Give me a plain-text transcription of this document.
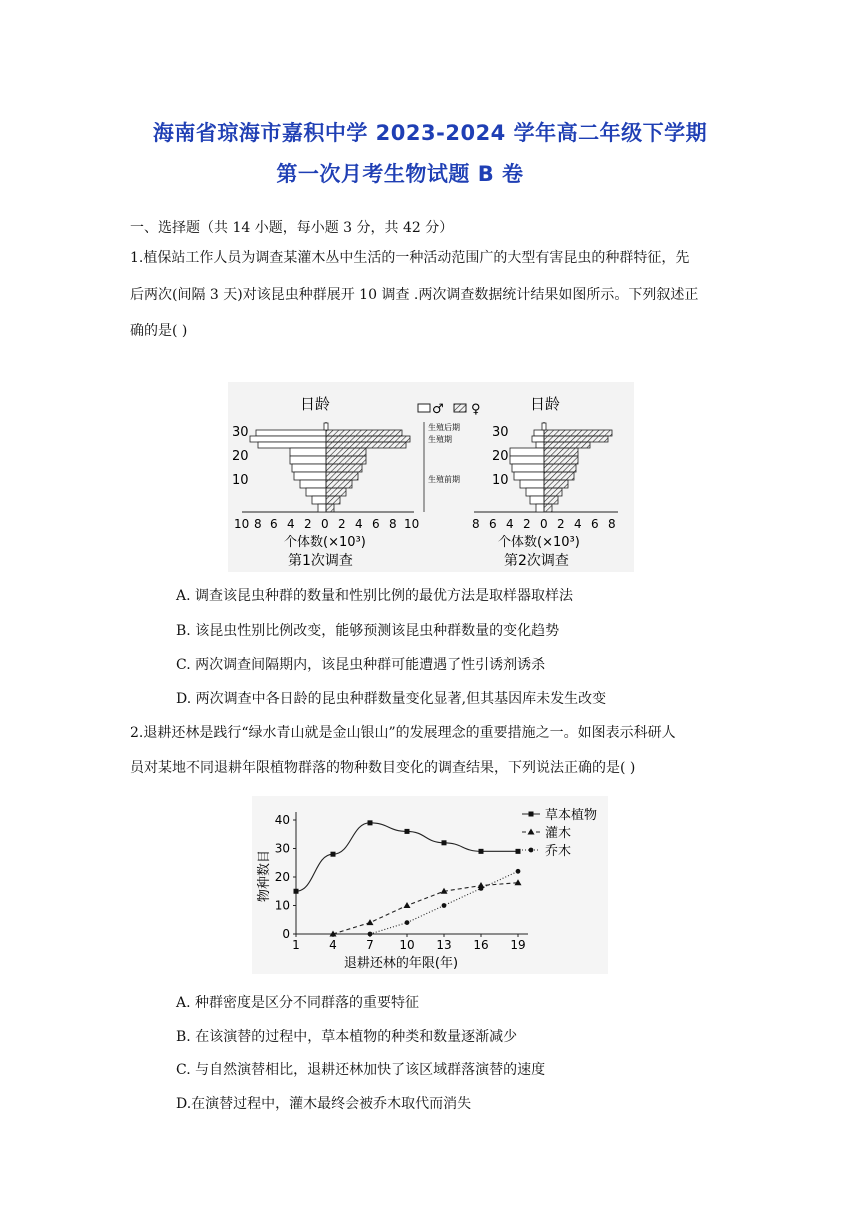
海南省琼海市嘉积中学 2023-2024 学年高二年级下学期
第一次月考生物试题 B 卷
一、选择题（共 14 小题，每小题 3 分，共 42 分）
1.植保站工作人员为调查某灌木丛中生活的一种活动范围广的大型有害昆虫的种群特征，先
后两次(间隔 3 天)对该昆虫种群展开 10 调查 .两次调查数据统计结果如图所示。下列叙述正
确的是( )
日龄	日龄
♂ ♀
30
20
10
10 8 6 4 2 0 2 4 6 8 10
个体数(×10³)
第1次调查
生殖后期
生殖期
生殖前期
30
20
10
8 6 4 2 0 2 4 6 8
个体数(×10³)
第2次调查
A. 调查该昆虫种群的数量和性别比例的最优方法是取样器取样法
B. 该昆虫性别比例改变，能够预测该昆虫种群数量的变化趋势
C. 两次调查间隔期内，该昆虫种群可能遭遇了性引诱剂诱杀
D. 两次调查中各日龄的昆虫种群数量变化显著,但其基因库未发生改变
2.退耕还林是践行“绿水青山就是金山银山”的发展理念的重要措施之一。如图表示科研人
员对某地不同退耕年限植物群落的物种数目变化的调查结果，下列说法正确的是( )
0
10
20
30
40
1 4 7 10 13 16 19
退耕还林的年限(年)
物种数目
草本植物
灌木
乔木
A. 种群密度是区分不同群落的重要特征
B. 在该演替的过程中，草本植物的种类和数量逐渐减少
C. 与自然演替相比，退耕还林加快了该区域群落演替的速度
D.在演替过程中，灌木最终会被乔木取代而消失
